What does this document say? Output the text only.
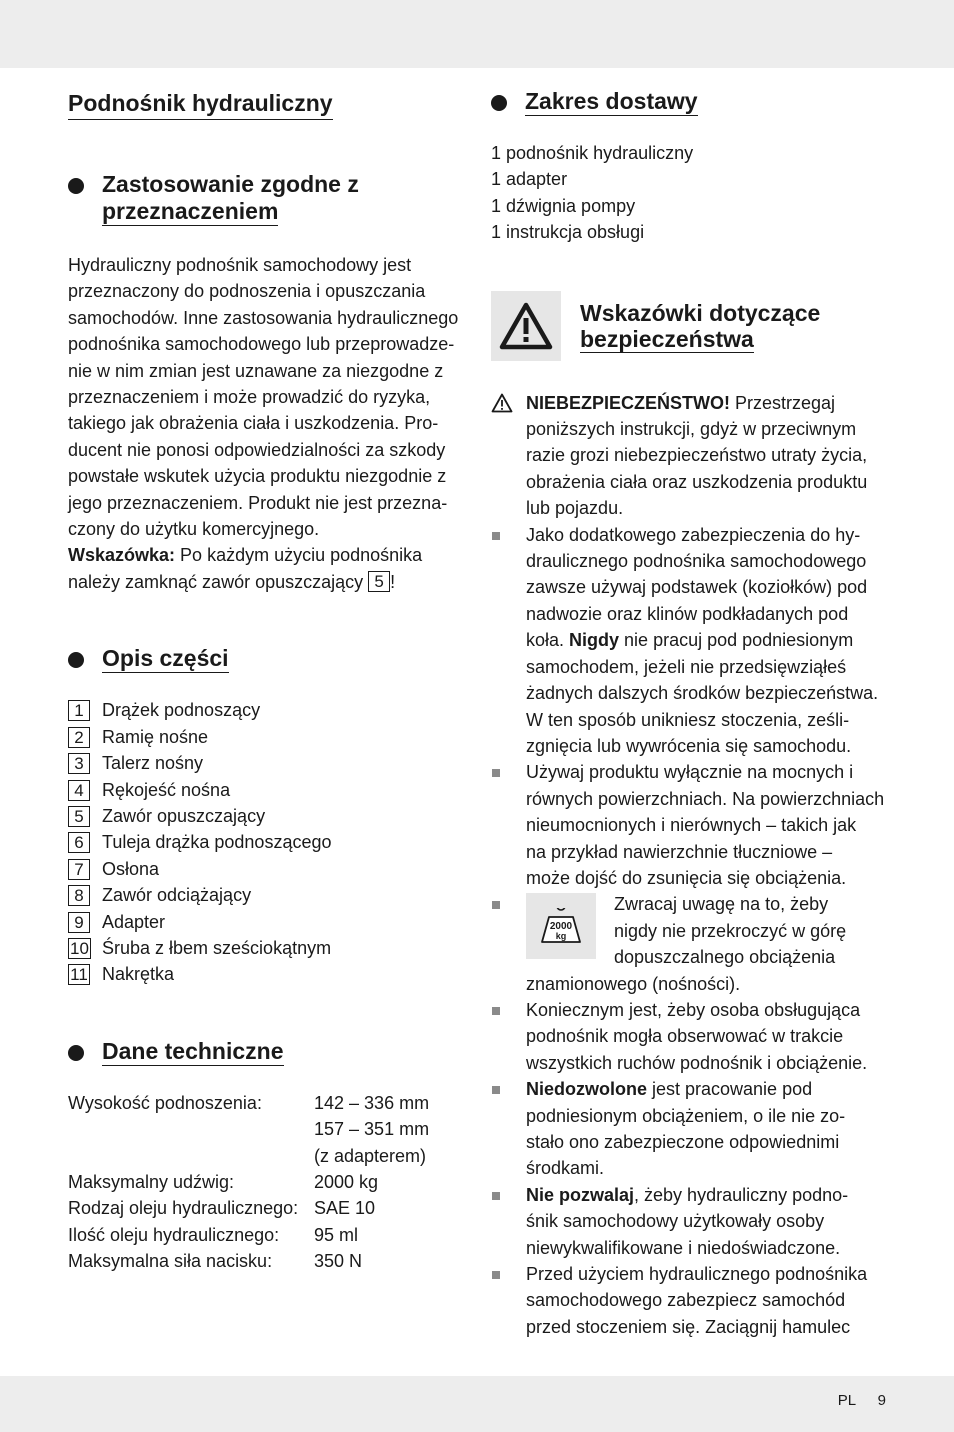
Podnośnik hydrauliczny
Zastosowanie zgodne z
przeznaczeniem

Hydrauliczny podnośnik samochodowy jest

przeznaczony do podnoszenia i opuszczania

samochodów. Inne zastosowania hydraulicznego

podnośnika samochodowego lub przeprowadze-

nie w nim zmian jest uznawane za niezgodne z

przeznaczeniem i może prowadzić do ryzyka,

takiego jak obrażenia ciała i uszkodzenia. Pro-

ducent nie ponosi odpowiedzialności za szkody

powstałe wskutek użycia produktu niezgodnie z

jego przeznaczeniem. Produkt nie jest przezna-

czony do użytku komercyjnego.

Wskazówka: Po każdym użyciu podnośnika

należy zamknąć zawór opuszczający 5 !

Opis części
1	Drążek podnoszący
2	Ramię nośne
3	Talerz nośny
4	Rękojeść nośna
5	Zawór opuszczający
6	Tuleja drążka podnoszącego
7	Osłona
8	Zawór odciążający
9	Adapter
10 Śruba z łbem sześciokątnym
11 Nakrętka
Dane techniczne
Wysokość podnoszenia:	142 – 336 mm
157 – 351 mm
(z adapterem)
Maksymalny udźwig:	2000 kg
Rodzaj oleju hydraulicznego: SAE 10
Ilość oleju hydraulicznego:	95 ml
Maksymalna siła nacisku:	350 N
Zakres dostawy

1 podnośnik hydrauliczny

1 adapter

1 dźwignia pompy

1 instrukcja obsługi

Wskazówki dotyczące
bezpieczeństwa
NIEBEZPIECZEŃSTWO! Przestrzegaj
poniższych instrukcji, gdyż w przeciwnym
razie grozi niebezpieczeństwo utraty życia,
obrażenia ciała oraz uszkodzenia produktu
lub pojazdu.
Jako dodatkowego zabezpieczenia do hy-
draulicznego podnośnika samochodowego
zawsze używaj podstawek (koziołków) pod
nadwozie oraz klinów podkładanych pod
koła. Nigdy nie pracuj pod podniesionym
samochodem, jeżeli nie przedsięwziąłeś
żadnych dalszych środków bezpieczeństwa.
W ten sposób unikniesz stoczenia, ześli-
zgnięcia lub wywrócenia się samochodu.
Używaj produktu wyłącznie na mocnych i
równych powierzchniach. Na powierzchniach
nieumocnionych i nierównych – takich jak
na przykład nawierzchnie tłuczniowe –
może dojść do zsunięcia się obciążenia.
2000
kg
Zwracaj uwagę na to, żeby
nigdy nie przekroczyć w górę
dopuszczalnego obciążenia
znamionowego (nośności).
Koniecznym jest, żeby osoba obsługująca
podnośnik mogła obserwować w trakcie
wszystkich ruchów podnośnik i obciążenie.
Niedozwolone jest pracowanie pod
podniesionym obciążeniem, o ile nie zo-
stało ono zabezpieczone odpowiednimi
środkami.
Nie pozwalaj, żeby hydrauliczny podno-
śnik samochodowy użytkowały osoby
niewykwalifikowane i niedoświadczone.
Przed użyciem hydraulicznego podnośnika
samochodowego zabezpiecz samochód
przed stoczeniem się. Zaciągnij hamulec
PL 9
